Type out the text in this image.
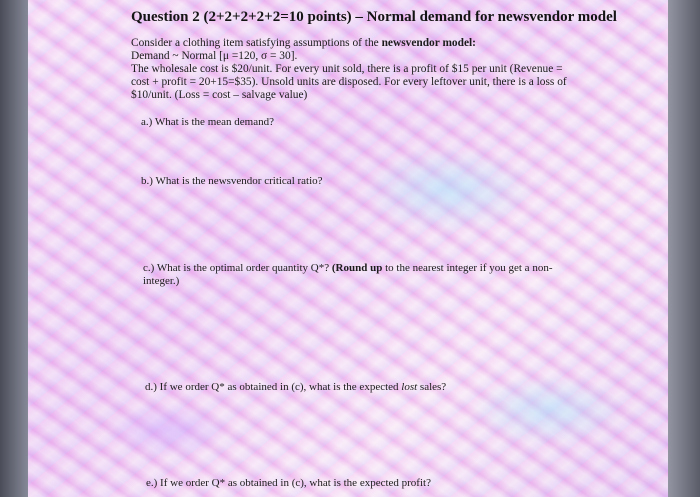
Question 2 (2+2+2+2+2=10 points) – Normal demand for newsvendor model
Consider a clothing item satisfying assumptions of the newsvendor model:
Demand ~ Normal [μ =120, σ = 30].
The wholesale cost is $20/unit. For every unit sold, there is a profit of $15 per unit (Revenue =
cost + profit = 20+15=$35). Unsold units are disposed. For every leftover unit, there is a loss of
$10/unit. (Loss = cost – salvage value)

a.) What is the mean demand?

b.) What is the newsvendor critical ratio?

c.) What is the optimal order quantity Q*? (Round up to the nearest integer if you get a non-
integer.)

d.) If we order Q* as obtained in (c), what is the expected lost sales?

e.) If we order Q* as obtained in (c), what is the expected profit?
